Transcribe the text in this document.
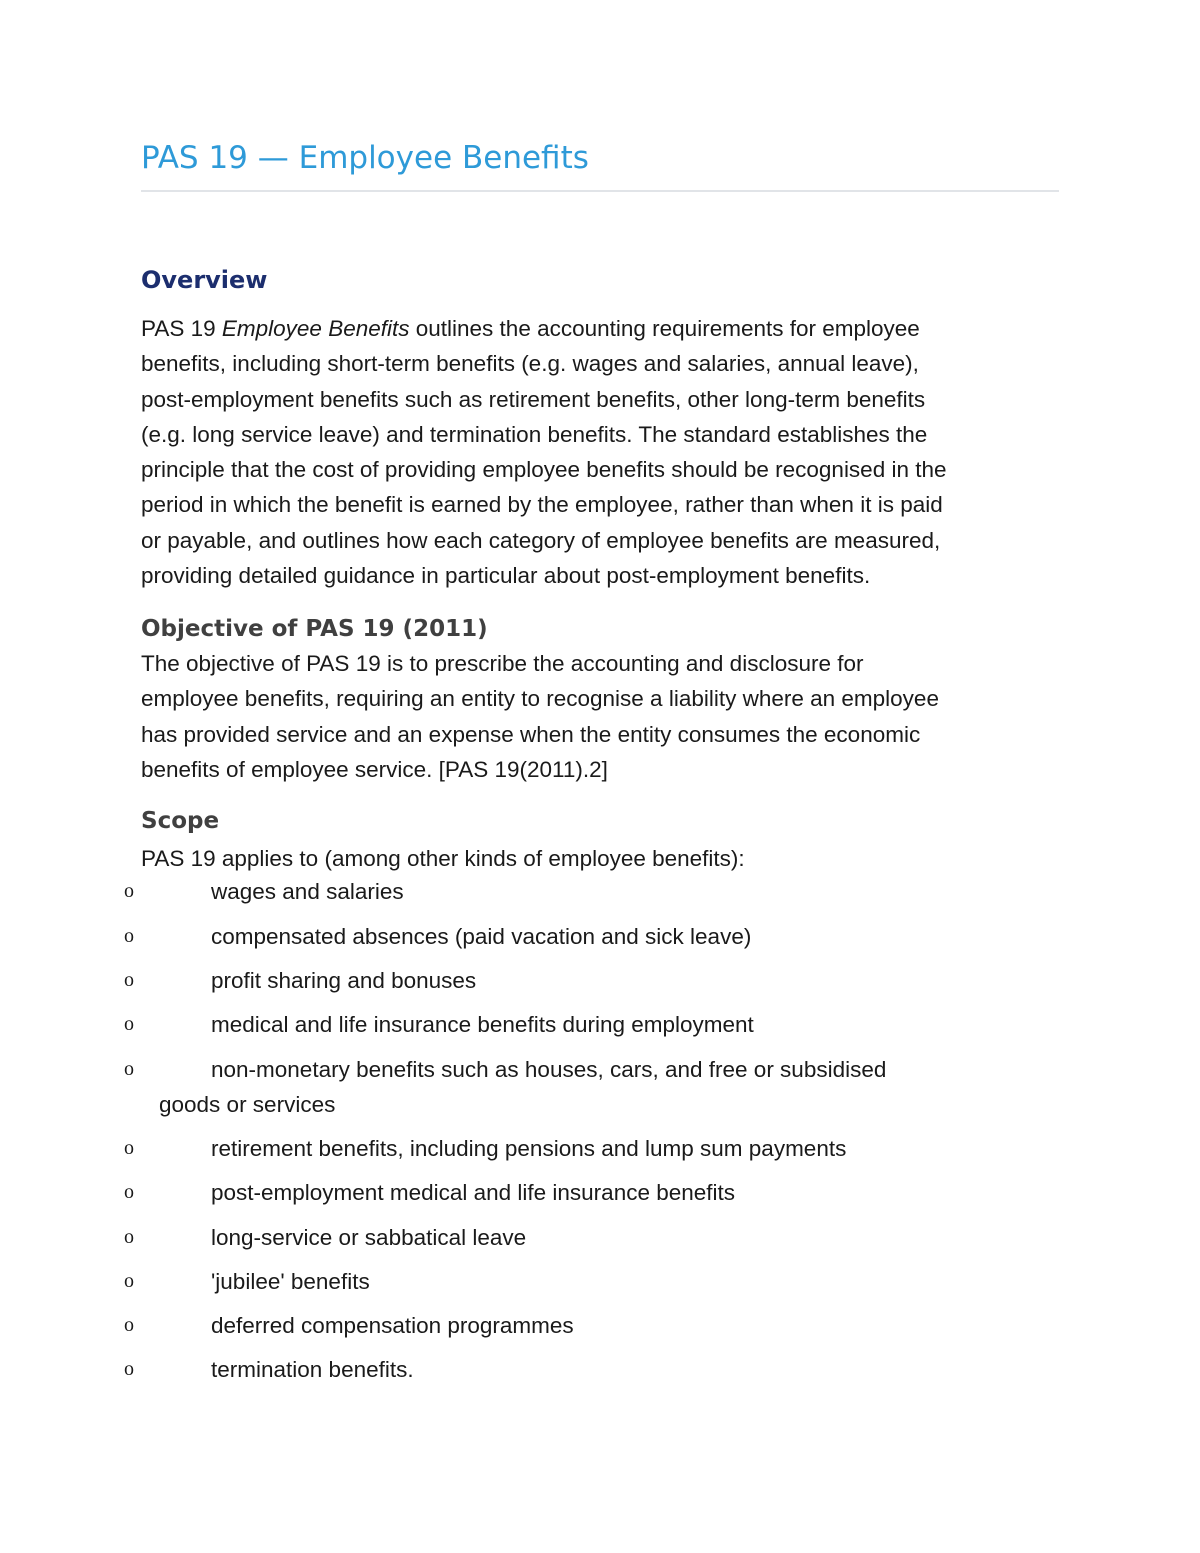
PAS 19 — Employee Benefits
Overview
PAS 19 Employee Benefits outlines the accounting requirements for employee
benefits, including short-term benefits (e.g. wages and salaries, annual leave),
post-employment benefits such as retirement benefits, other long-term benefits
(e.g. long service leave) and termination benefits. The standard establishes the
principle that the cost of providing employee benefits should be recognised in the
period in which the benefit is earned by the employee, rather than when it is paid
or payable, and outlines how each category of employee benefits are measured,
providing detailed guidance in particular about post-employment benefits.
Objective of PAS 19 (2011)
The objective of PAS 19 is to prescribe the accounting and disclosure for
employee benefits, requiring an entity to recognise a liability where an employee
has provided service and an expense when the entity consumes the economic
benefits of employee service. [PAS 19(2011).2]
Scope
PAS 19 applies to (among other kinds of employee benefits):
o	wages and salaries
o	compensated absences (paid vacation and sick leave)
o	profit sharing and bonuses
o	medical and life insurance benefits during employment
o	non-monetary benefits such as houses, cars, and free or subsidised
goods or services
o	retirement benefits, including pensions and lump sum payments
o	post-employment medical and life insurance benefits
o	long-service or sabbatical leave
o	'jubilee' benefits
o	deferred compensation programmes
o	termination benefits.
